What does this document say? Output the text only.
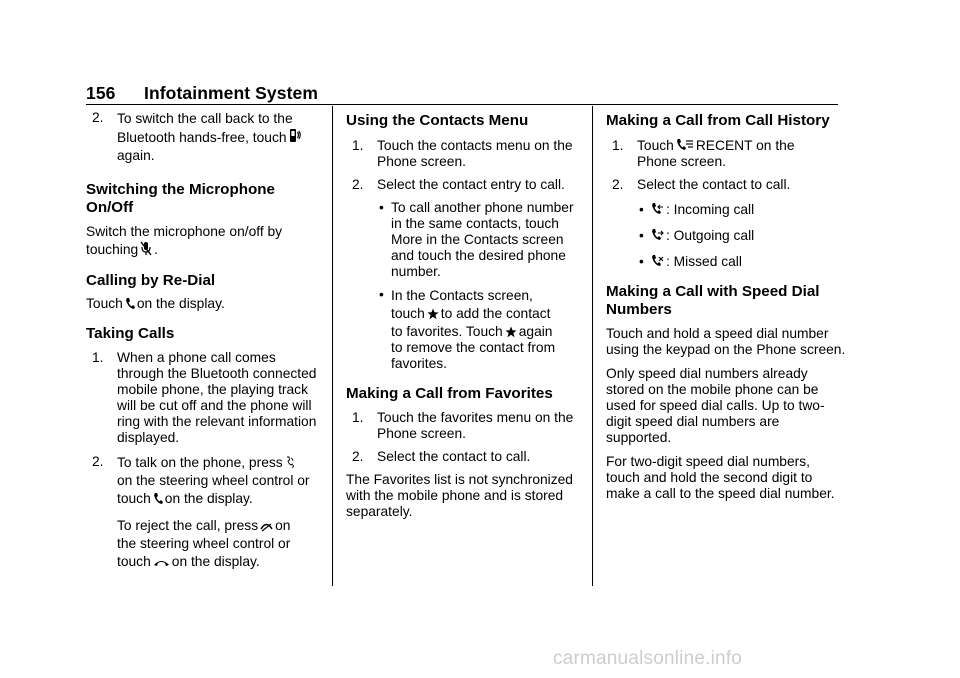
156 Infotainment System
2. To switch the call back to the
Bluetooth hands-free, touch

again.

Switching the Microphone On/Off

Switch the microphone on/off by
touching .

Calling by Re-Dial

Touch on the display.

Taking Calls
1. When a phone call comes through the Bluetooth connected mobile phone, the playing track will be cut off and the phone will ring with the relevant information displayed.

2. To talk on the phone, press

on the steering wheel control or
touch on the display.

To reject the call, press on
the steering wheel control or
touch on the display.

Using the Contacts Menu
1. Touch the contacts menu on the Phone screen.

2. Select the contact entry to call.

• To call another phone number in the same contacts, touch More in the Contacts screen and touch the desired phone number.

• In the Contacts screen,
touch to add the contact
to favorites. Touch again

to remove the contact from favorites.

Making a Call from Favorites
1. Touch the favorites menu on the Phone screen.

2. Select the contact to call.

The Favorites list is not synchronized with the mobile phone and is stored separately.

Making a Call from Call History
1. Touch RECENT on the
Phone screen.

2. Select the contact to call.

•	: Incoming call

•	: Outgoing call

•	: Missed call

Making a Call with Speed Dial Numbers

Touch and hold a speed dial number using the keypad on the Phone screen.

Only speed dial numbers already stored on the mobile phone can be used for speed dial calls. Up to two-digit speed dial numbers are supported.

For two-digit speed dial numbers, touch and hold the second digit to make a call to the speed dial number.

carmanualsonline.info
